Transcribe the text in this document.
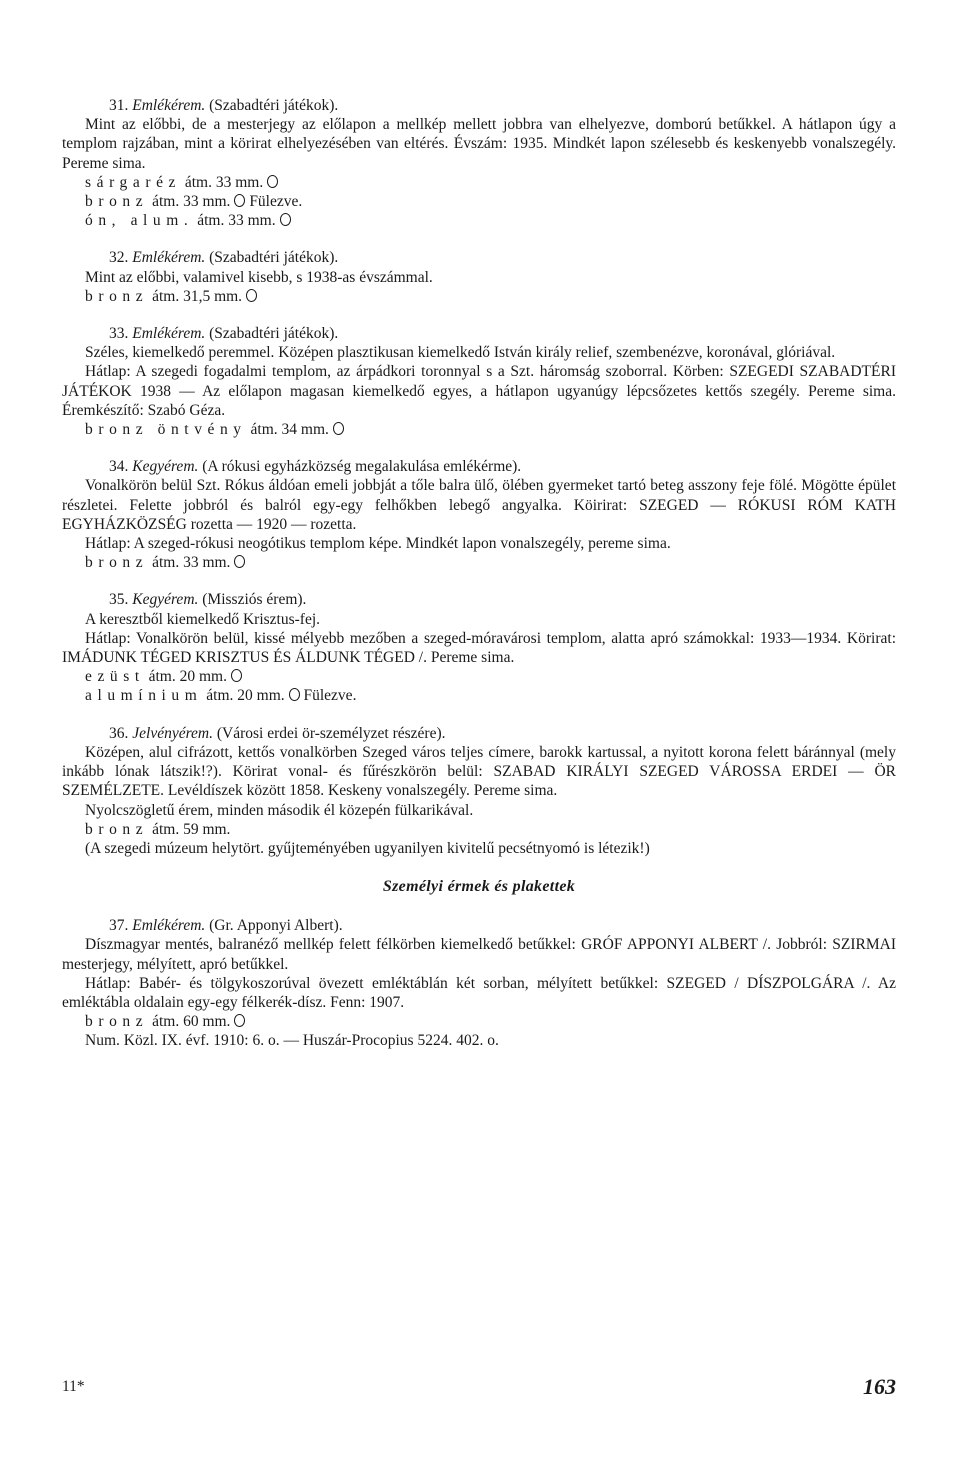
31. Emlékérem. (Szabadtéri játékok).
Mint az előbbi, de a mesterjegy az előlapon a mellkép mellett jobbra van elhelyezve, domború betűkkel. A hátlapon úgy a templom rajzában, mint a körirat elhelyezésében van eltérés. Évszám: 1935. Mindkét lapon szélesebb és keskenyebb vonalszegély. Pereme sima.
sárgaréz átm. 33 mm.
bronz átm. 33 mm. Fülezve.
ón, alum. átm. 33 mm.
32. Emlékérem. (Szabadtéri játékok).
Mint az előbbi, valamivel kisebb, s 1938-as évszámmal.
bronz átm. 31,5 mm.
33. Emlékérem. (Szabadtéri játékok).
Széles, kiemelkedő peremmel. Középen plasztikusan kiemelkedő István király relief, szembenézve, koronával, glóriával.
Hátlap: A szegedi fogadalmi templom, az árpádkori toronnyal s a Szt. háromság szoborral. Körben: SZEGEDI SZABADTÉRI JÁTÉKOK 1938 — Az előlapon magasan kiemelkedő egyes, a hátlapon ugyanúgy lépcsőzetes kettős szegély. Pereme sima. Éremkészítő: Szabó Géza.
bronz öntvény átm. 34 mm.
34. Kegyérem. (A rókusi egyházközség megalakulása emlékérme).
Vonalkörön belül Szt. Rókus áldóan emeli jobbját a tőle balra ülő, ölében gyermeket tartó beteg asszony feje fölé. Mögötte épület részletei. Felette jobbról és balról egy-egy felhőkben lebegő angyalka. Köirirat: SZEGED — RÓKUSI RÓM KATH EGYHÁZKÖZSÉG rozetta — 1920 — rozetta.
Hátlap: A szeged-rókusi neogótikus templom képe. Mindkét lapon vonalszegély, pereme sima.
bronz átm. 33 mm.
35. Kegyérem. (Missziós érem).
A keresztből kiemelkedő Krisztus-fej.
Hátlap: Vonalkörön belül, kissé mélyebb mezőben a szeged-móravárosi templom, alatta apró számokkal: 1933—1934. Körirat: IMÁDUNK TÉGED KRISZTUS ÉS ÁLDUNK TÉGED /. Pereme sima.
ezüst átm. 20 mm.
alumínium átm. 20 mm. Fülezve.
36. Jelvényérem. (Városi erdei ör-személyzet részére).
Középen, alul cifrázott, kettős vonalkörben Szeged város teljes címere, barokk kartussal, a nyitott korona felett báránnyal (mely inkább lónak látszik!?). Körirat vonal- és fűrészkörön belül: SZABAD KIRÁLYI SZEGED VÁROSSA ERDEI — ÖR SZEMÉLZETE. Levéldíszek között 1858. Keskeny vonalszegély. Pereme sima.
Nyolcszögletű érem, minden második él közepén fülkarikával.
bronz átm. 59 mm.
(A szegedi múzeum helytört. gyűjteményében ugyanilyen kivitelű pecsétnyomó is létezik!)
Személyi érmek és plakettek
37. Emlékérem. (Gr. Apponyi Albert).
Díszmagyar mentés, balranéző mellkép felett félkörben kiemelkedő betűkkel: GRÓF APPONYI ALBERT /. Jobbról: SZIRMAI mesterjegy, mélyített, apró betűkkel.
Hátlap: Babér- és tölgykoszorúval övezett emléktáblán két sorban, mélyített betűkkel: SZEGED / DÍSZPOLGÁRA /. Az emléktábla oldalain egy-egy félkerék-dísz. Fenn: 1907.
bronz átm. 60 mm.
Num. Közl. IX. évf. 1910: 6. o. — Huszár-Procopius 5224. 402. o.
11*	163
